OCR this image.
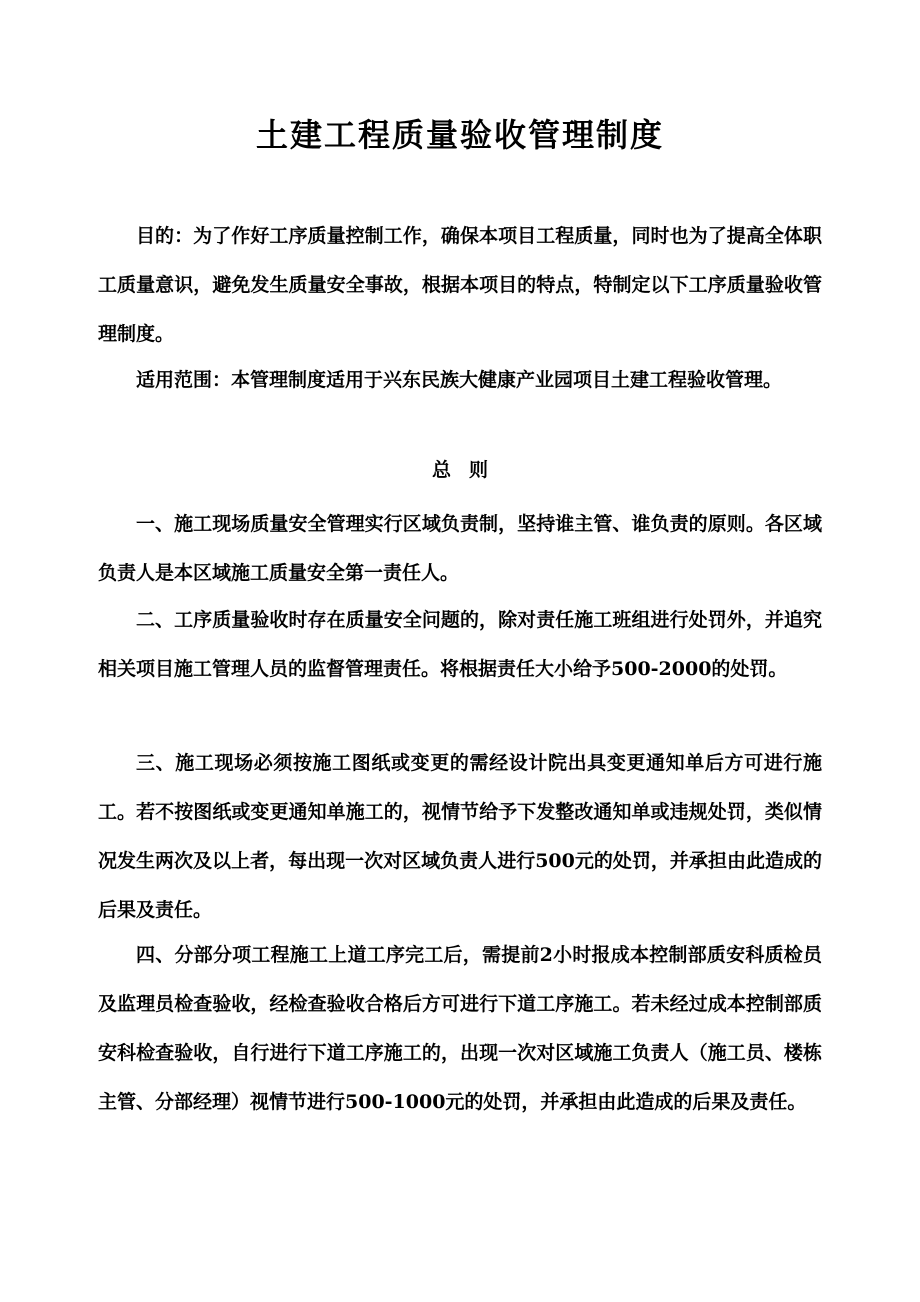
土建工程质量验收管理制度

目的：为了作好工序质量控制工作，确保本项目工程质量，同时也为了提高全体职工质量意识，避免发生质量安全事故，根据本项目的特点，特制定以下工序质量验收管理制度。

适用范围：本管理制度适用于兴东民族大健康产业园项目土建工程验收管理。

总则

一、施工现场质量安全管理实行区域负责制，坚持谁主管、谁负责的原则。各区域负责人是本区域施工质量安全第一责任人。

二、工序质量验收时存在质量安全问题的，除对责任施工班组进行处罚外，并追究相关项目施工管理人员的监督管理责任。将根据责任大小给予500-2000的处罚。

三、施工现场必须按施工图纸或变更的需经设计院出具变更通知单后方可进行施工。若不按图纸或变更通知单施工的，视情节给予下发整改通知单或违规处罚，类似情况发生两次及以上者，每出现一次对区域负责人进行500元的处罚，并承担由此造成的后果及责任。

四、分部分项工程施工上道工序完工后，需提前2小时报成本控制部质安科质检员及监理员检查验收，经检查验收合格后方可进行下道工序施工。若未经过成本控制部质安科检查验收，自行进行下道工序施工的，出现一次对区域施工负责人（施工员、楼栋主管、分部经理）视情节进行500-1000元的处罚，并承担由此造成的后果及责任。
